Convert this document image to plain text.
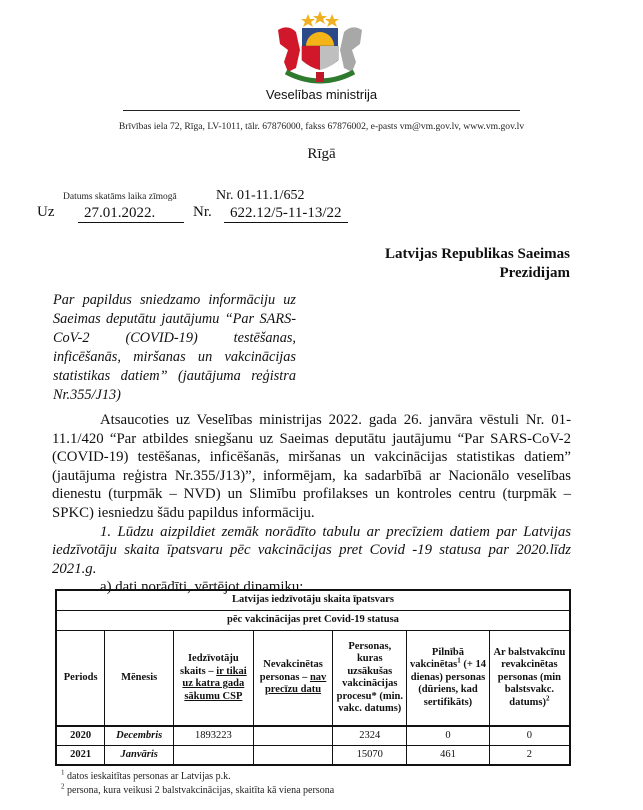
Veselības ministrija
Brīvības iela 72, Rīga, LV-1011, tālr. 67876000, fakss 67876002, e-pasts vm@vm.gov.lv, www.vm.gov.lv
Rīgā
Datums skatāms laika zīmogā	Nr. 01-11.1/652
Uz	27.01.2022.	Nr.	622.12/5-11-13/22
Latvijas Republikas Saeimas
Prezidijam
Par papildus sniedzamo informāciju uz Saeimas deputātu jautājumu “Par SARS-CoV-2 (COVID-19) testēšanas, inficēšanās, miršanas un vakcinācijas statistikas datiem” (jautājuma reģistra Nr.355/J13)

Atsaucoties uz Veselības ministrijas 2022. gada 26. janvāra vēstuli Nr. 01-11.1/420 “Par atbildes sniegšanu uz Saeimas deputātu jautājumu “Par SARS-CoV-2 (COVID-19) testēšanas, inficēšanās, miršanas un vakcinācijas statistikas datiem” (jautājuma reģistra Nr.355/J13)”, informējam, ka sadarbībā ar Nacionālo veselības dienestu (turpmāk – NVD) un Slimību profilakses un kontroles centru (turpmāk – SPKC) iesniedzu šādu papildus informāciju.

1. Lūdzu aizpildiet zemāk norādīto tabulu ar precīziem datiem par Latvijas iedzīvotāju skaita īpatsvaru pēc vakcinācijas pret Covid -19 statusa par 2020.līdz 2021.g.

a) dati norādīti, vērtējot dinamiku:

Latvijas iedzīvotāju skaita īpatsvars						
pēc vakcinācijas pret Covid-19 statusa						
Periods	Mēnesis	Iedzīvotāju skaits – ir tikai uz katra gada sākumu CSP	Nevakcinētas personas – nav precīzu datu	Personas, kuras uzsākušas vakcinācijas procesu* (min. vakc. datums)	Pilnībā vakcinētas$^1$ (+ 14 dienas) personas (dūriens, kad sertifikāts)	Ar balstvakcīnu revakcinētas personas (min balstsvakc. datums)$^2$
2020	Decembris	1893223		2324	0	0
2021	Janvāris			15070	461	2
$^1$ datos ieskaitītas personas ar Latvijas p.k.
$^2$ persona, kura veikusi 2 balstvakcinācijas, skaitīta kā viena persona
